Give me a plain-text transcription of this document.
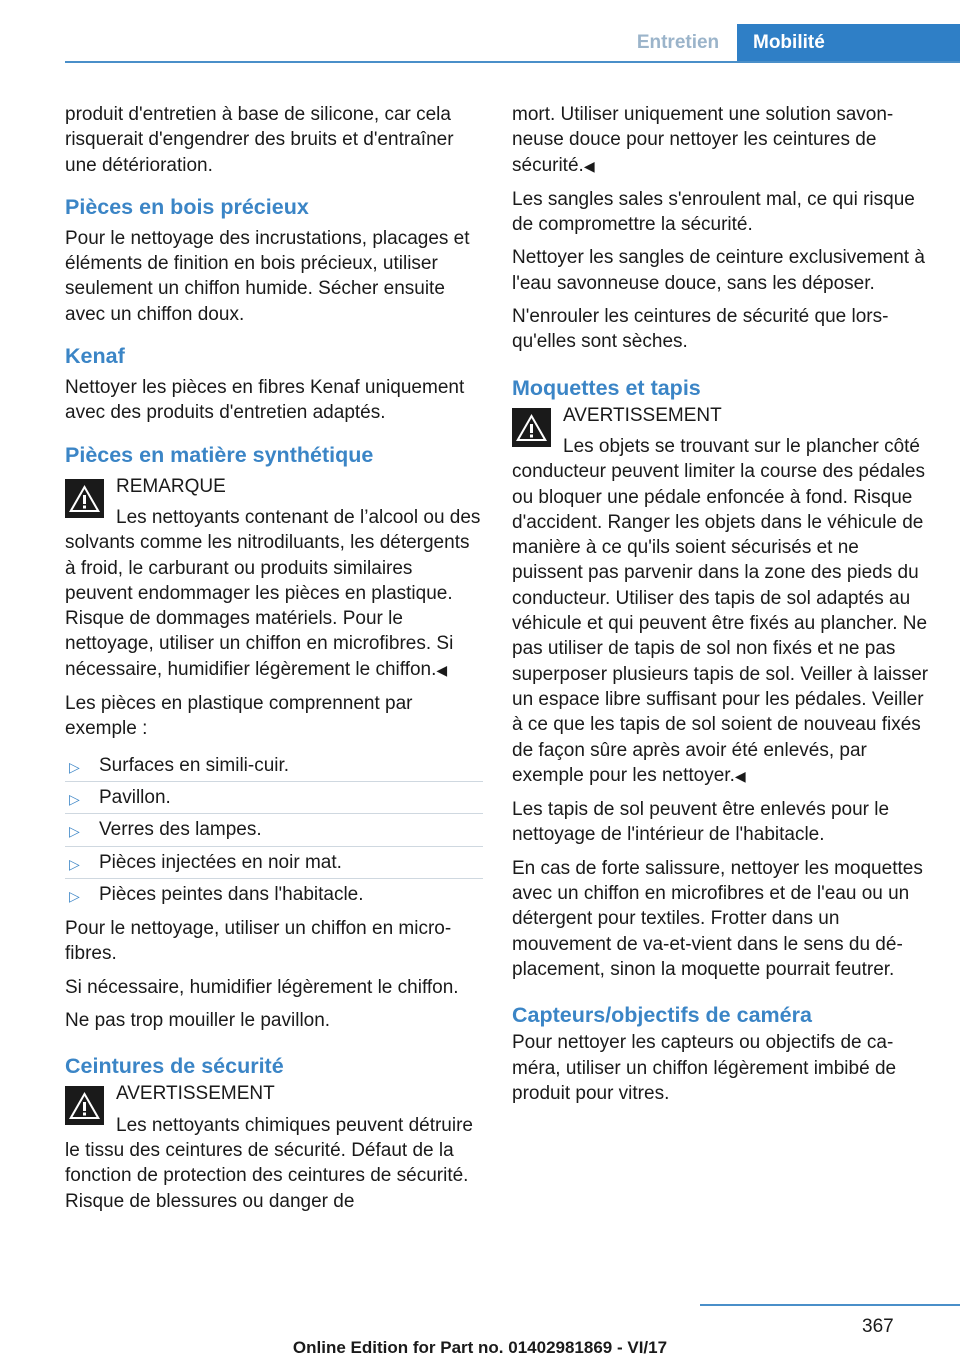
Entretien	Mobilité

produit d'entretien à base de silicone, car cela risquerait d'engendrer des bruits et d'entraîner une détérioration.

Pièces en bois précieux

Pour le nettoyage des incrustations, placages et éléments de finition en bois précieux, utiliser seulement un chiffon humide. Sécher ensuite avec un chiffon doux.

Kenaf

Nettoyer les pièces en fibres Kenaf uniquement avec des produits d'entretien adaptés.

Pièces en matière synthétique
REMARQUE
Les nettoyants contenant de l’alcool ou des solvants comme les nitrodiluants, les détergents à froid, le carburant ou produits similaires peuvent endommager les pièces en plastique. Risque de dommages matériels. Pour le nettoyage, utiliser un chiffon en microfibres. Si nécessaire, humidifier légèrement le chiffon.◀

Les pièces en plastique comprennent par exemple :

▷ Surfaces en simili-cuir.
▷ Pavillon.
▷ Verres des lampes.
▷ Pièces injectées en noir mat.
▷ Pièces peintes dans l'habitacle.

Pour le nettoyage, utiliser un chiffon en microfibres.

Si nécessaire, humidifier légèrement le chiffon.

Ne pas trop mouiller le pavillon.

Ceintures de sécurité
AVERTISSEMENT
Les nettoyants chimiques peuvent détruire le tissu des ceintures de sécurité. Défaut de la fonction de protection des ceintures de sécurité. Risque de blessures ou danger de

mort. Utiliser uniquement une solution savonneuse douce pour nettoyer les ceintures de sécurité.◀

Les sangles sales s'enroulent mal, ce qui risque de compromettre la sécurité.

Nettoyer les sangles de ceinture exclusivement à l'eau savonneuse douce, sans les déposer.

N'enrouler les ceintures de sécurité que lorsqu'elles sont sèches.

Moquettes et tapis
AVERTISSEMENT
Les objets se trouvant sur le plancher côté conducteur peuvent limiter la course des pédales ou bloquer une pédale enfoncée à fond. Risque d'accident. Ranger les objets dans le véhicule de manière à ce qu'ils soient sécurisés et ne puissent pas parvenir dans la zone des pieds du conducteur. Utiliser des tapis de sol adaptés au véhicule et qui peuvent être fixés au plancher. Ne pas utiliser de tapis de sol non fixés et ne pas superposer plusieurs tapis de sol. Veiller à laisser un espace libre suffisant pour les pédales. Veiller à ce que les tapis de sol soient de nouveau fixés de façon sûre après avoir été enlevés, par exemple pour les nettoyer.◀

Les tapis de sol peuvent être enlevés pour le nettoyage de l'intérieur de l'habitacle.

En cas de forte salissure, nettoyer les moquettes avec un chiffon en microfibres et de l'eau ou un détergent pour textiles. Frotter dans un mouvement de va-et-vient dans le sens du déplacement, sinon la moquette pourrait feutrer.

Capteurs/objectifs de caméra

Pour nettoyer les capteurs ou objectifs de caméra, utiliser un chiffon légèrement imbibé de produit pour vitres.

367
Online Edition for Part no. 01402981869 - VI/17
